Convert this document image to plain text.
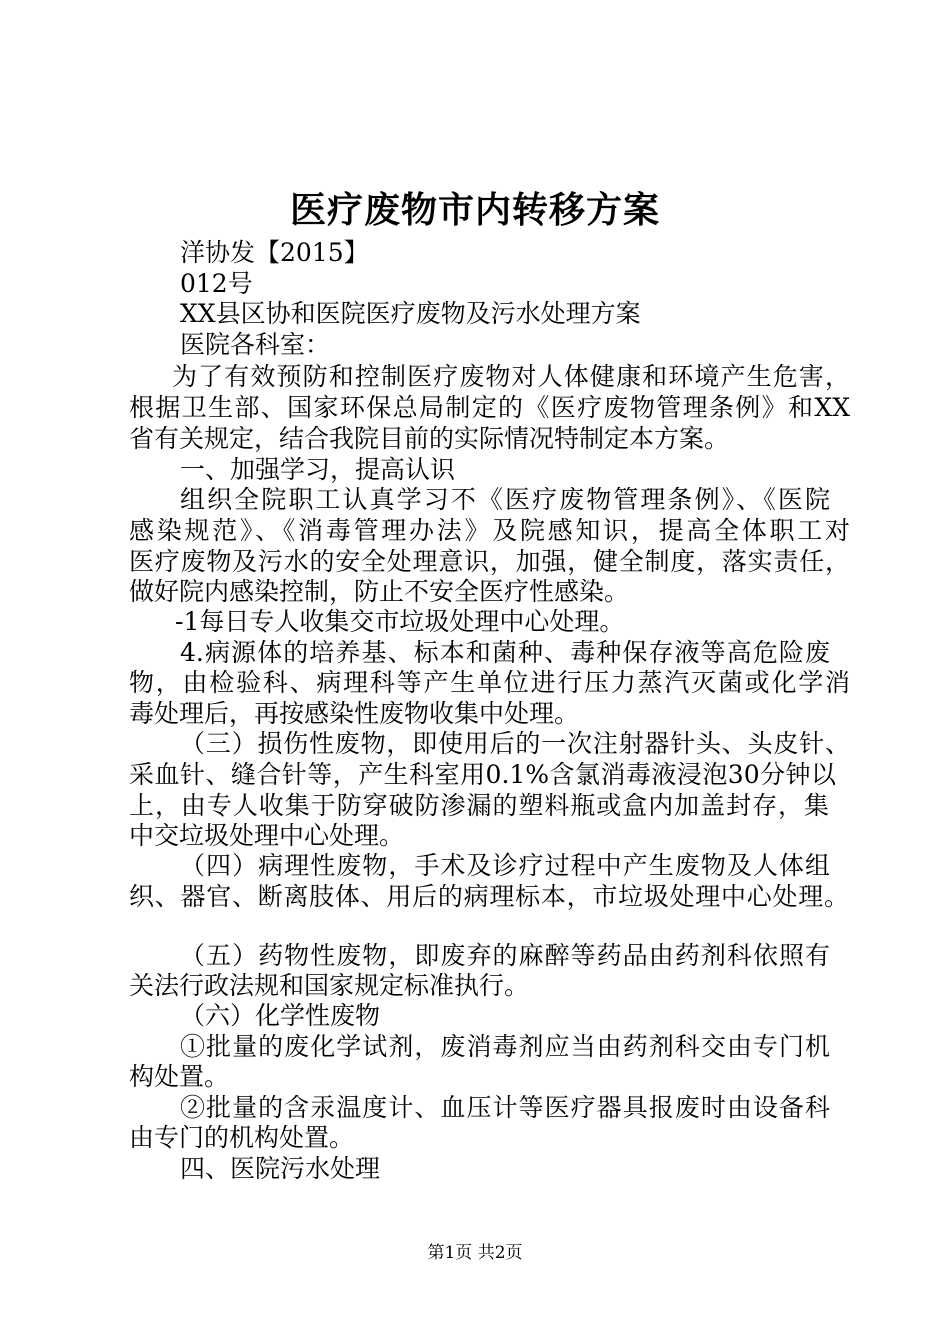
医疗废物市内转移方案
洋协发【2015】
012号
XX县区协和医院医疗废物及污水处理方案
医院各科室：
为了有效预防和控制医疗废物对人体健康和环境产生危害，
根据卫生部、国家环保总局制定的《医疗废物管理条例》和XX
省有关规定，结合我院目前的实际情况特制定本方案。
一、加强学习，提高认识
组织全院职工认真学习不《医疗废物管理条例》、《医院
感染规范》、《消毒管理办法》及院感知识，提高全体职工对
医疗废物及污水的安全处理意识，加强，健全制度，落实责任，
做好院内感染控制，防止不安全医疗性感染。
-1每日专人收集交市垃圾处理中心处理。
4.病源体的培养基、标本和菌种、毒种保存液等高危险废
物，由检验科、病理科等产生单位进行压力蒸汽灭菌或化学消
毒处理后，再按感染性废物收集中处理。
（三）损伤性废物，即使用后的一次注射器针头、头皮针、
采血针、缝合针等，产生科室用0.1%含氯消毒液浸泡30分钟以
上，由专人收集于防穿破防渗漏的塑料瓶或盒内加盖封存，集
中交垃圾处理中心处理。
（四）病理性废物，手术及诊疗过程中产生废物及人体组
织、器官、断离肢体、用后的病理标本，市垃圾处理中心处理。
（五）药物性废物，即废弃的麻醉等药品由药剂科依照有
关法行政法规和国家规定标准执行。
（六）化学性废物
①批量的废化学试剂，废消毒剂应当由药剂科交由专门机
构处置。
②批量的含汞温度计、血压计等医疗器具报废时由设备科
由专门的机构处置。
四、医院污水处理
第1页 共2页
